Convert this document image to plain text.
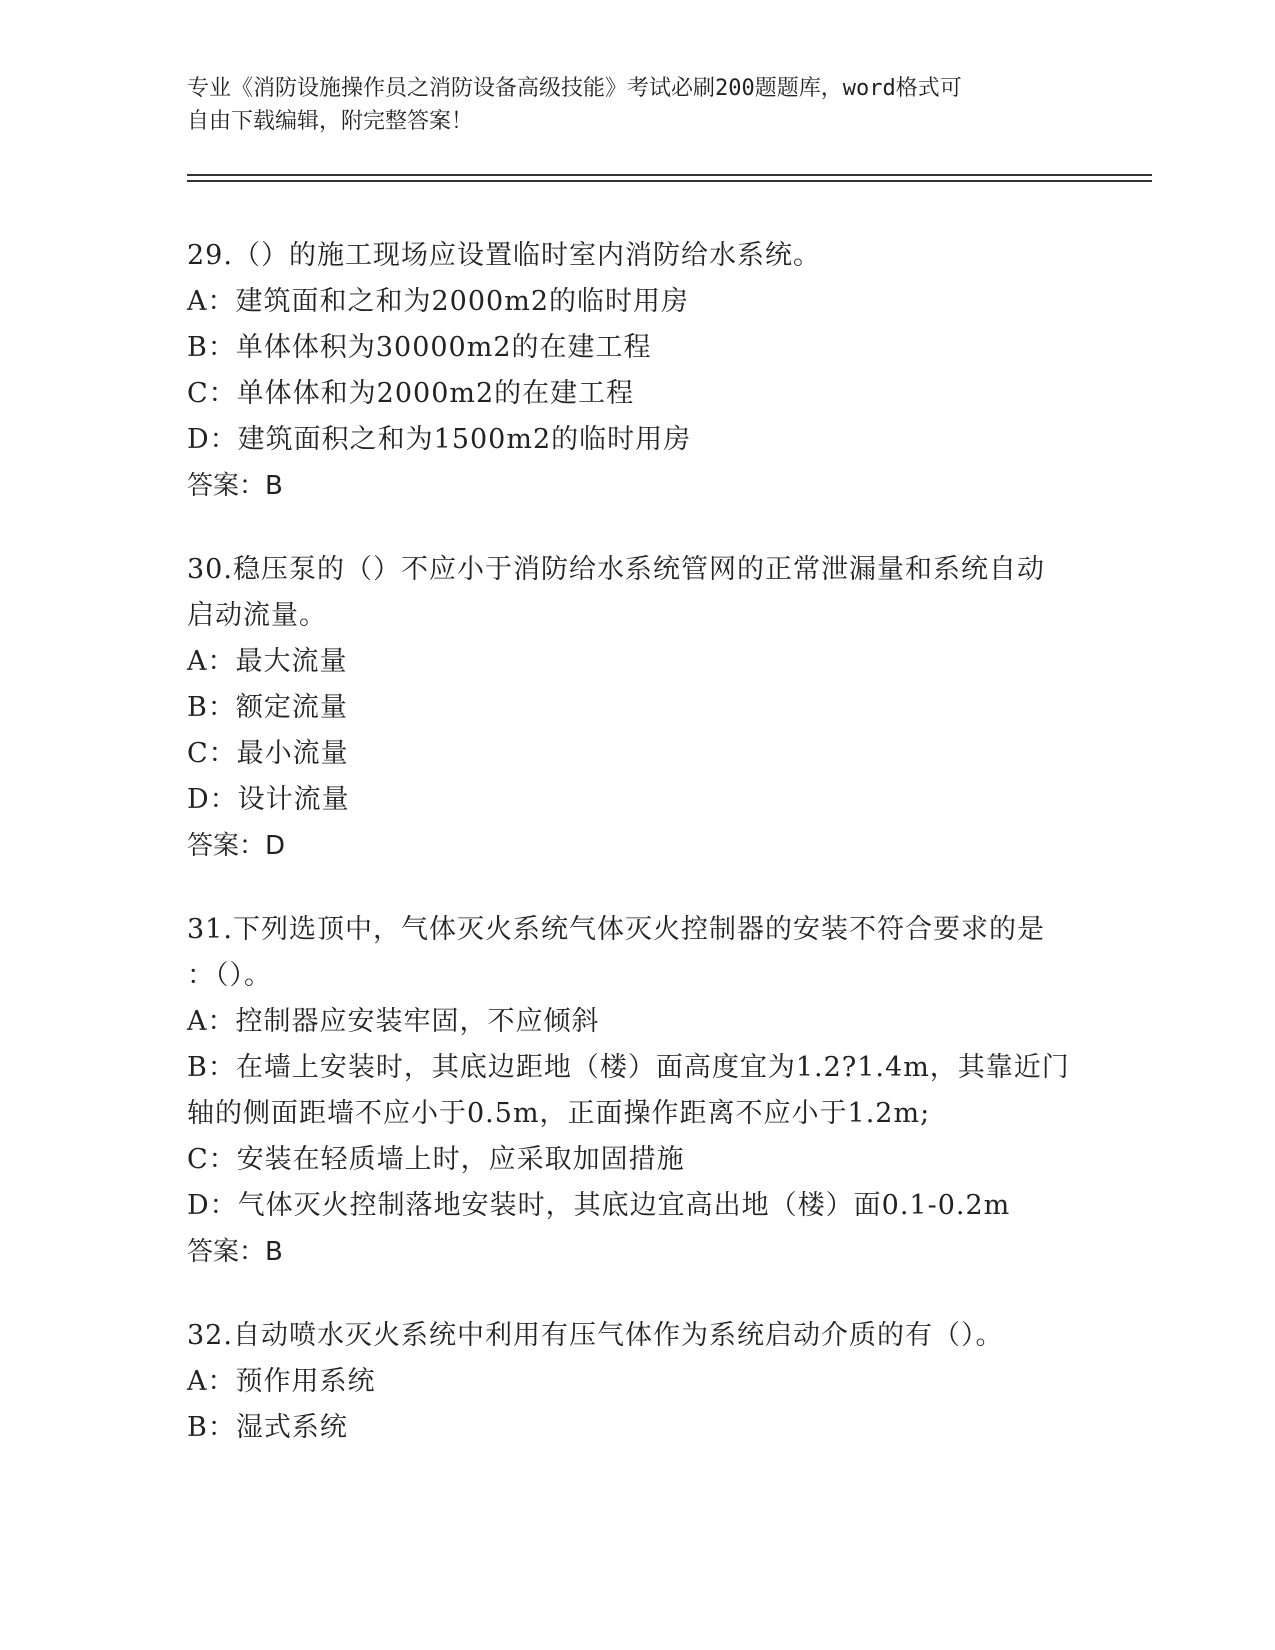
专业《消防设施操作员之消防设备高级技能》考试必刷200题题库，word格式可
自由下载编辑，附完整答案！
29.（）的施工现场应设置临时室内消防给水系统。
A：建筑面和之和为2000m2的临时用房
B：单体体积为30000m2的在建工程
C：单体体和为2000m2的在建工程
D：建筑面积之和为1500m2的临时用房
答案：B
30.稳压泵的（）不应小于消防给水系统管网的正常泄漏量和系统自动
启动流量。
A：最大流量
B：额定流量
C：最小流量
D：设计流量
答案：D
31.下列选顶中，气体灭火系统气体灭火控制器的安装不符合要求的是
：（）。
A：控制器应安装牢固，不应倾斜
B：在墙上安装时，其底边距地（楼）面高度宜为1.2?1.4m，其靠近门
轴的侧面距墙不应小于0.5m，正面操作距离不应小于1.2m;
C：安装在轻质墙上时，应采取加固措施
D：气体灭火控制落地安装时，其底边宜高出地（楼）面0.1-0.2m
答案：B
32.自动喷水灭火系统中利用有压气体作为系统启动介质的有（）。
A：预作用系统
B：湿式系统
